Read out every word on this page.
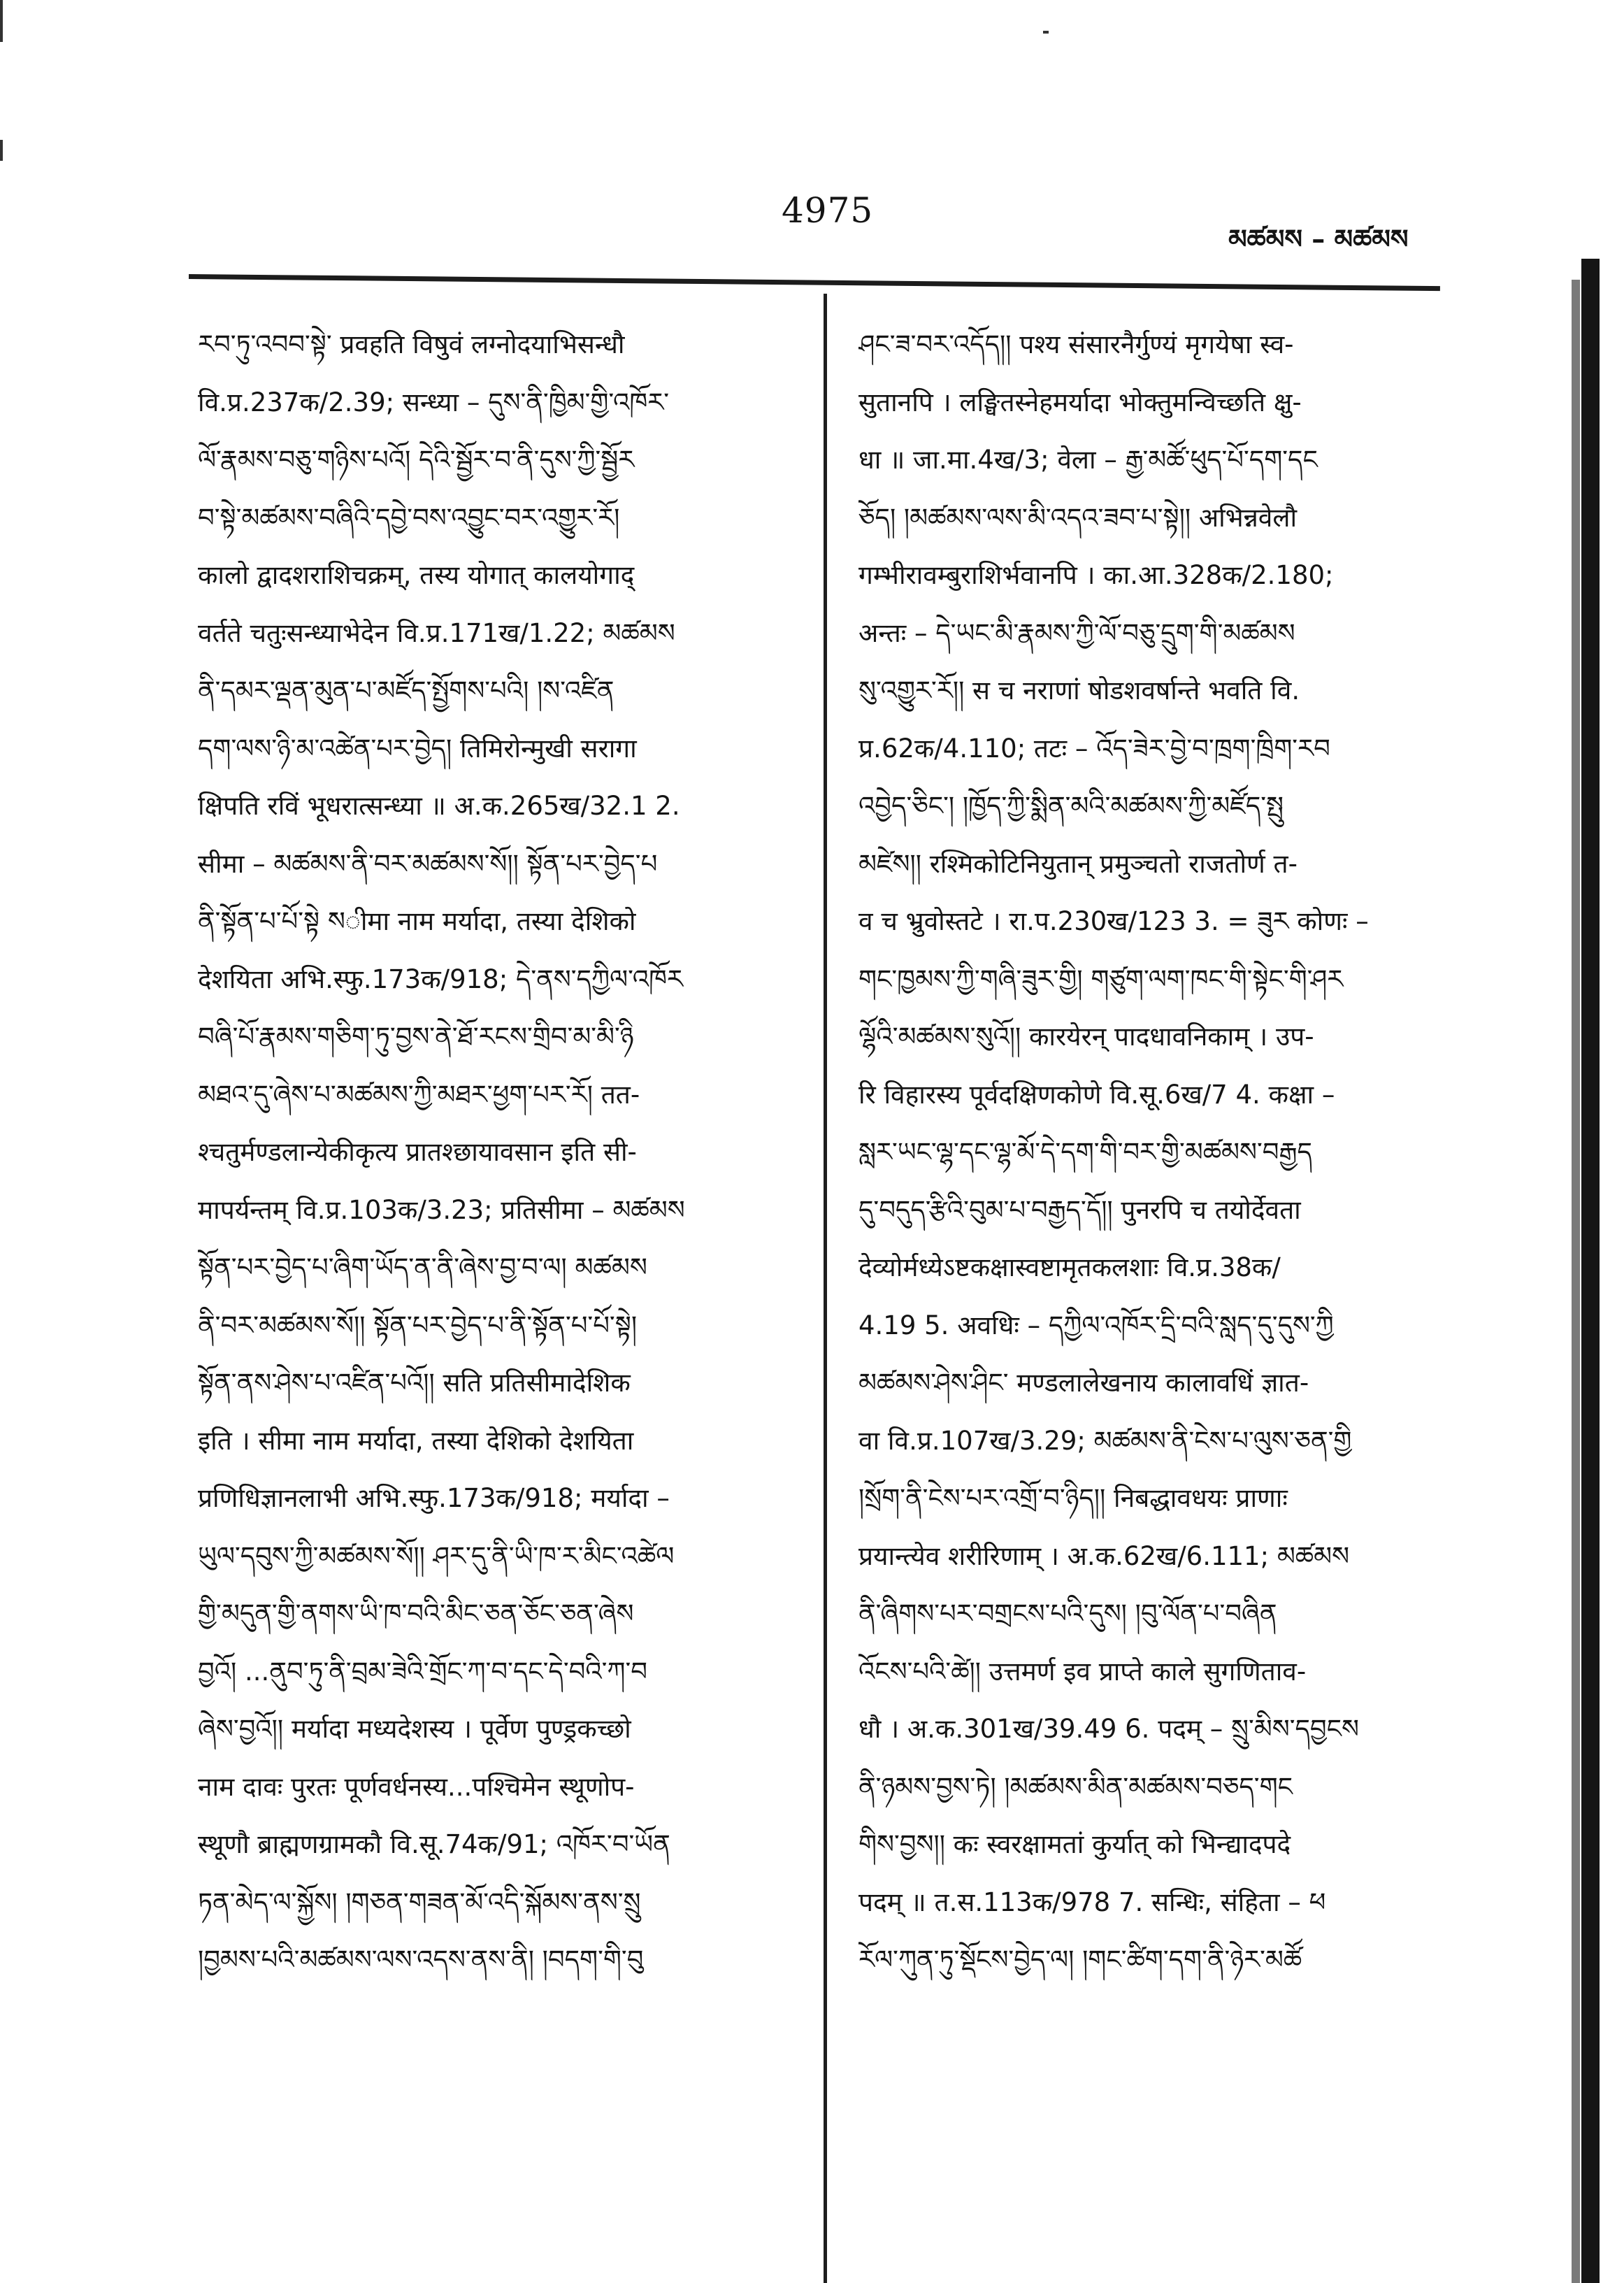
4975
མཚམས – མཚམས
རབ་ཏུ་འབབ་སྟེ་ प्रवहति विषुवं लग्नोदयाभिसन्धौ
वि.प्र.237क/2.39; सन्ध्या – དུས་ནི་ཁྱིམ་གྱི་འཁོར་
ལོ་རྣམས་བཅུ་གཉིས་པའོ། དེའི་སྦྱོར་བ་ནི་དུས་ཀྱི་སྦྱོར
བ་སྟེ་མཚམས་བཞིའི་དབྱེ་བས་འབྱུང་བར་འགྱུར་རོ།
कालो द्वादशराशिचक्रम्, तस्य योगात् कालयोगाद्
वर्तते चतुःसन्ध्याभेदेन वि.प्र.171ख/1.22; མཚམས
ནི་དམར་ལྡན་མུན་པ་མཛོད་སྤྱོགས་པའི། །ས་འཛིན
དག་ལས་ཉི་མ་འཚེན་པར་བྱེད། तिमिरोन्मुखी सरागा
क्षिपति रविं भूधरात्सन्ध्या ॥ अ.क.265ख/32.1 2.
सीमा – མཚམས་ནི་བར་མཚམས་སོ།། སྟོན་པར་བྱེད་པ
ནི་སྟོན་པ་པོ་སྟེ སीमा नाम मर्यादा, तस्या देशिको
देशयिता अभि.स्फु.173क/918; དེ་ནས་དཀྱིལ་འཁོར
བཞི་པོ་རྣམས་གཅིག་ཏུ་བྱས་ནེ་ཐོ་རངས་གྲིབ་མ་མི་ཉི
མཐའ་དུ་ཞེས་པ་མཚམས་ཀྱི་མཐར་ཕྱག་པར་རོ། तत-
श्चतुर्मण्डलान्येकीकृत्य प्रातश्छायावसान इति सी-
मापर्यन्तम् वि.प्र.103क/3.23; प्रतिसीमा – མཚམས
སྟོན་པར་བྱེད་པ་ཞིག་ཡོད་ན་ནི་ཞེས་བྱ་བ་ལ། མཚམས
ནི་བར་མཚམས་སོ།། སྟོན་པར་བྱེད་པ་ནི་སྟོན་པ་པོ་སྟེ།
སྟོན་ནས་ཤེས་པ་འཛིན་པའོ།། सति प्रतिसीमादेशिक
इति । सीमा नाम मर्यादा, तस्या देशिको देशयिता
प्रणिधिज्ञानलाभी अभि.स्फु.173क/918; मर्यादा –
ཡུལ་དབུས་ཀྱི་མཚམས་སོ།། ཤར་དུ་ནི་ཡི་ཁ་ར་མིང་འཚེལ
གྱི་མདུན་གྱི་ནགས་ཡི་ཁ་བའི་མིང་ཅན་ཅོང་ཅན་ཞེས
བྱའོ། ...ནུབ་ཏུ་ནི་བྲམ་ཟེའི་གྲོང་ཀ་བ་དང་དེ་བའི་ཀ་བ
ཞེས་བྱའོ།། मर्यादा मध्यदेशस्य । पूर्वेण पुण्ड्रकच्छो
नाम दावः पुरतः पूर्णवर्धनस्य...पश्चिमेन स्थूणोप-
स्थूणौ ब्राह्मणग्रामकौ वि.सू.74क/91; འཁོར་བ་ཡོན
ཏན་མེད་ལ་སྐྱོས། །གཅན་གཟན་མོ་འདི་སྐོམས་ནས་སྲུ
།བྱམས་པའི་མཚམས་ལས་འདས་ནས་ནི། །བདག་གི་བུ
ཤང་ཟ་བར་འདོད།། पश्य संसारनैर्गुण्यं मृगयेषा स्व-
सुतानपि । लङ्घितस्नेहमर्यादा भोक्तुमन्विच्छति क्षु-
धा ॥ जा.मा.4ख/3; वेला – རྒྱ་མཚོ་ཕུད་པོ་དག་དང
ཅོད། །མཚམས་ལས་མི་འདའ་ཟབ་པ་སྟེ།། अभिन्नवेलौ
गम्भीरावम्बुराशिर्भवानपि । का.आ.328क/2.180;
अन्तः – དེ་ཡང་མི་རྣམས་ཀྱི་ལོ་བཅུ་དྲུག་གི་མཚམས
སུ་འགྱུར་རོ།། स च नराणां षोडशवर्षान्ते भवति वि.
प्र.62क/4.110; तटः – འོད་ཟེར་བྱེ་བ་ཁྲག་ཁྲིག་རབ
འབྱེད་ཅིང་། །ཁྱོད་ཀྱི་སྨིན་མའི་མཚམས་ཀྱི་མཛོད་སྤུ
མཛེས།། रश्मिकोटिनियुतान् प्रमुञ्चतो राजतोर्ण त-
व च भ्रुवोस्तटे । रा.प.230ख/123 3. = ཟུར कोणः –
གང་ཁྱམས་ཀྱི་གཞི་ཟུར་གྱི། གཙུག་ལག་ཁང་གི་སྟེང་གི་ཤར
ལྷོའི་མཚམས་སུའོ།། कारयेरन् पादधावनिकाम् । उप-
रि विहारस्य पूर्वदक्षिणकोणे वि.सू.6ख/7 4. कक्षा –
སླར་ཡང་ལྷ་དང་ལྷ་མོ་དེ་དག་གི་བར་གྱི་མཚམས་བརྒྱད
དུ་བདུད་རྩིའི་བུམ་པ་བརྒྱད་དོ།། पुनरपि च तयोर्देवता
देव्योर्मध्येऽष्टकक्षास्वष्टामृतकलशाः वि.प्र.38क/
4.19 5. अवधिः – དཀྱིལ་འཁོར་དྲི་བའི་སླད་དུ་དུས་ཀྱི
མཚམས་ཤེས་ཤིང་ मण्डलालेखनाय कालावधिं ज्ञात-
वा वि.प्र.107ख/3.29; མཚམས་ནི་ངེས་པ་ལུས་ཅན་གྱི
།སྲོག་ནི་ངེས་པར་འགྲོ་བ་ཉིད།། निबद्धावधयः प्राणाः
प्रयान्त्येव शरीरिणाम् । अ.क.62ख/6.111; མཚམས
ནི་ཞིགས་པར་བགྲངས་པའི་དུས། །བུ་ལོན་པ་བཞིན
འོངས་པའི་ཚེ།། उत्तमर्ण इव प्राप्ते काले सुगणिताव-
धौ । अ.क.301ख/39.49 6. पदम् – སྲུ་མིས་དབྱངས
ནི་ཉམས་བྱས་ཏེ། །མཚམས་མིན་མཚམས་བཅད་གང
གིས་བྱས།། कः स्वरक्षामतां कुर्यात् को भिन्द्यादपदे
पदम् ॥ त.स.113क/978 7. सन्धिः, संहिता – ཕ
རོལ་ཀུན་ཏུ་སྡོངས་བྱེད་ལ། །གང་ཚིག་དག་ནི་ཉེར་མཚོ
